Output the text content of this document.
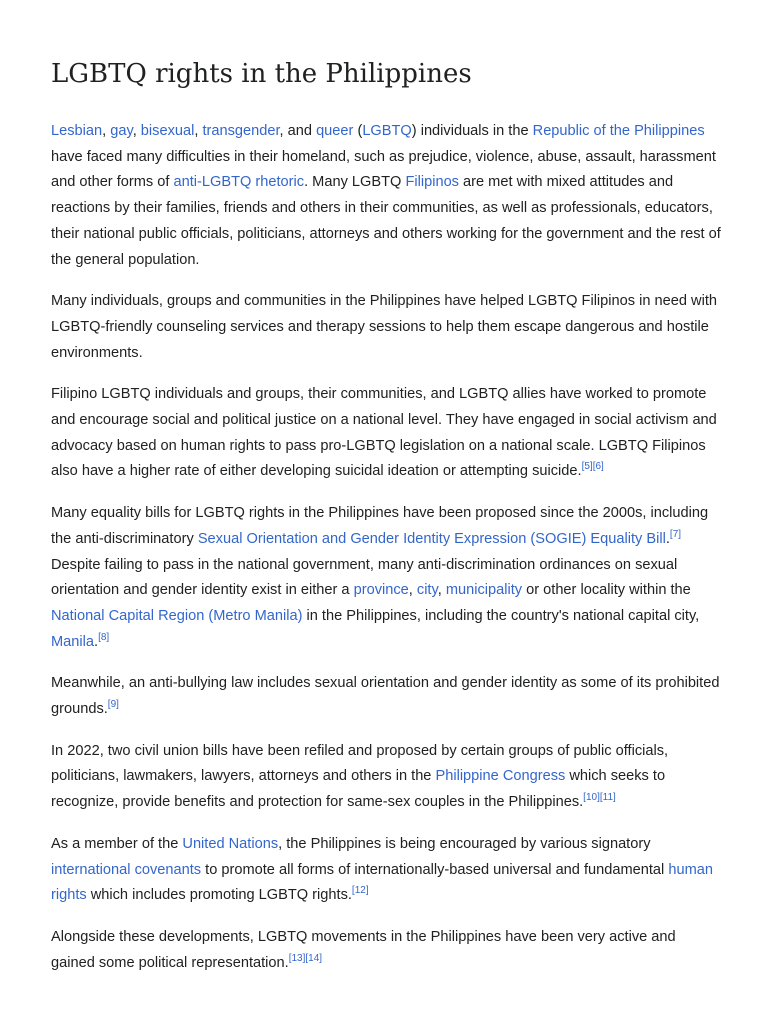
LGBTQ rights in the Philippines

Lesbian, gay, bisexual, transgender, and queer (LGBTQ) individuals in the Republic of the Philippines have faced many difficulties in their homeland, such as prejudice, violence, abuse, assault, harassment and other forms of anti-LGBTQ rhetoric. Many LGBTQ Filipinos are met with mixed attitudes and reactions by their families, friends and others in their communities, as well as professionals, educators, their national public officials, politicians, attorneys and others working for the government and the rest of the general population.

Many individuals, groups and communities in the Philippines have helped LGBTQ Filipinos in need with LGBTQ-friendly counseling services and therapy sessions to help them escape dangerous and hostile environments.

Filipino LGBTQ individuals and groups, their communities, and LGBTQ allies have worked to promote and encourage social and political justice on a national level. They have engaged in social activism and advocacy based on human rights to pass pro-LGBTQ legislation on a national scale. LGBTQ Filipinos also have a higher rate of either developing suicidal ideation or attempting suicide.[5][6]

Many equality bills for LGBTQ rights in the Philippines have been proposed since the 2000s, including the anti-discriminatory Sexual Orientation and Gender Identity Expression (SOGIE) Equality Bill.[7] Despite failing to pass in the national government, many anti-discrimination ordinances on sexual orientation and gender identity exist in either a province, city, municipality or other locality within the National Capital Region (Metro Manila) in the Philippines, including the country's national capital city, Manila.[8]

Meanwhile, an anti-bullying law includes sexual orientation and gender identity as some of its prohibited grounds.[9]

In 2022, two civil union bills have been refiled and proposed by certain groups of public officials, politicians, lawmakers, lawyers, attorneys and others in the Philippine Congress which seeks to recognize, provide benefits and protection for same-sex couples in the Philippines.[10][11]

As a member of the United Nations, the Philippines is being encouraged by various signatory international covenants to promote all forms of internationally-based universal and fundamental human rights which includes promoting LGBTQ rights.[12]

Alongside these developments, LGBTQ movements in the Philippines have been very active and gained some political representation.[13][14]
